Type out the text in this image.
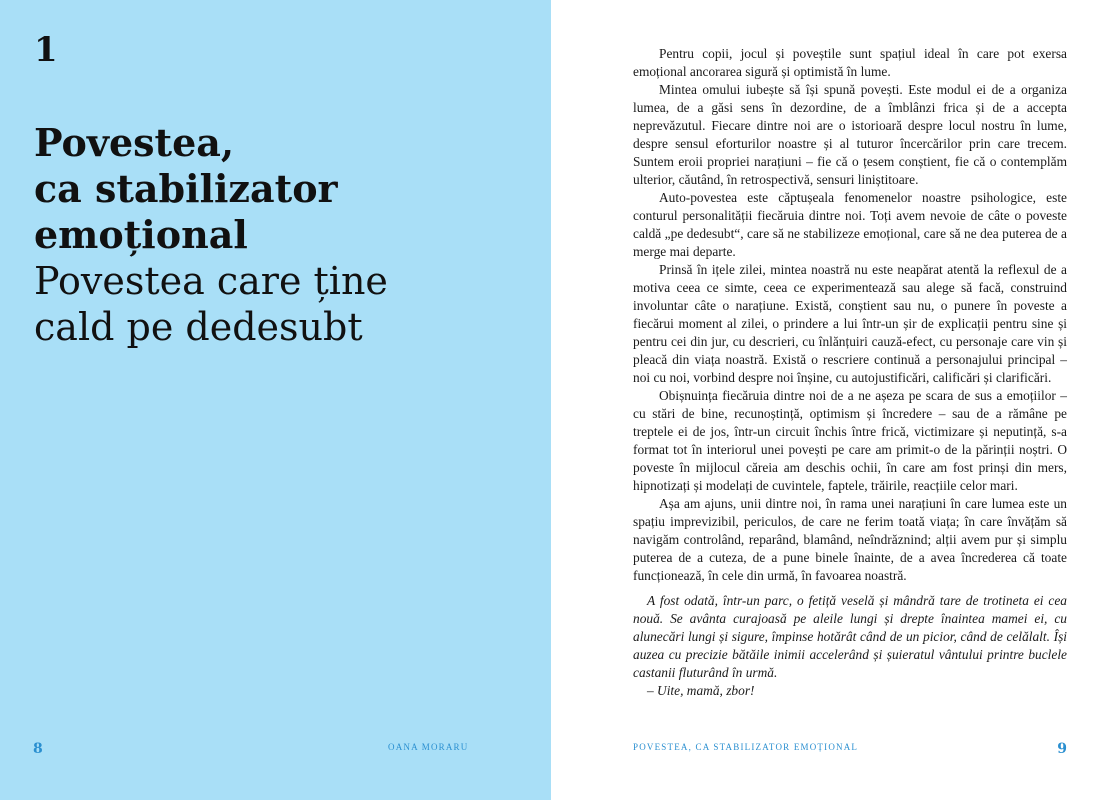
1
Povestea,
ca stabilizator
emoțional
Povestea care ține
cald pe dedesubt
8	OANA MORARU

Pentru copii, jocul și poveștile sunt spațiul ideal în care pot exersa emoțional ancorarea sigură și optimistă în lume.

Mintea omului iubește să își spună povești. Este modul ei de a organiza lumea, de a găsi sens în dezordine, de a îmblânzi frica și de a accepta neprevăzutul. Fiecare dintre noi are o istorioară despre locul nostru în lume, despre sensul eforturilor noastre și al tuturor încercărilor prin care trecem. Suntem eroii propriei narațiuni – fie că o țesem conștient, fie că o contemplăm ulterior, căutând, în retrospectivă, sensuri liniștitoare.

Auto-povestea este căptușeala fenomenelor noastre psihologice, este conturul personalității fiecăruia dintre noi. Toți avem nevoie de câte o poveste caldă „pe dedesubt“, care să ne stabilizeze emoțional, care să ne dea puterea de a merge mai departe.

Prinsă în ițele zilei, mintea noastră nu este neapărat atentă la reflexul de a motiva ceea ce simte, ceea ce experimentează sau alege să facă, construind involuntar câte o narațiune. Există, conștient sau nu, o punere în poveste a fiecărui moment al zilei, o prindere a lui într-un șir de explicații pentru sine și pentru cei din jur, cu descrieri, cu înlănțuiri cauză-efect, cu personaje care vin și pleacă din viața noastră. Există o rescriere continuă a personajului principal – noi cu noi, vorbind despre noi înșine, cu autojustificări, calificări și clarificări.

Obișnuința fiecăruia dintre noi de a ne așeza pe scara de sus a emoțiilor – cu stări de bine, recunoștință, optimism și încredere – sau de a rămâne pe treptele ei de jos, într-un circuit închis între frică, victimizare și neputință, s-a format tot în interiorul unei povești pe care am primit-o de la părinții noștri. O poveste în mijlocul căreia am deschis ochii, în care am fost prinși din mers, hipnotizați și modelați de cuvintele, faptele, trăirile, reacțiile celor mari.

Așa am ajuns, unii dintre noi, în rama unei narațiuni în care lumea este un spațiu imprevizibil, periculos, de care ne ferim toată viața; în care învățăm să navigăm controlând, reparând, blamând, neîndrăznind; alții avem pur și simplu puterea de a cuteza, de a pune binele înainte, de a avea încrederea că toate funcționează, în cele din urmă, în favoarea noastră.

A fost odată, într-un parc, o fetiță veselă și mândră tare de trotineta ei cea nouă. Se avânta curajoasă pe aleile lungi și drepte înaintea mamei ei, cu alunecări lungi și sigure, împinse hotărât când de un picior, când de celălalt. Își auzea cu precizie bătăile inimii accelerând și șuieratul vântului printre buclele castanii fluturând în urmă.

– Uite, mamă, zbor!

POVESTEA, CA STABILIZATOR EMOȚIONAL	9
